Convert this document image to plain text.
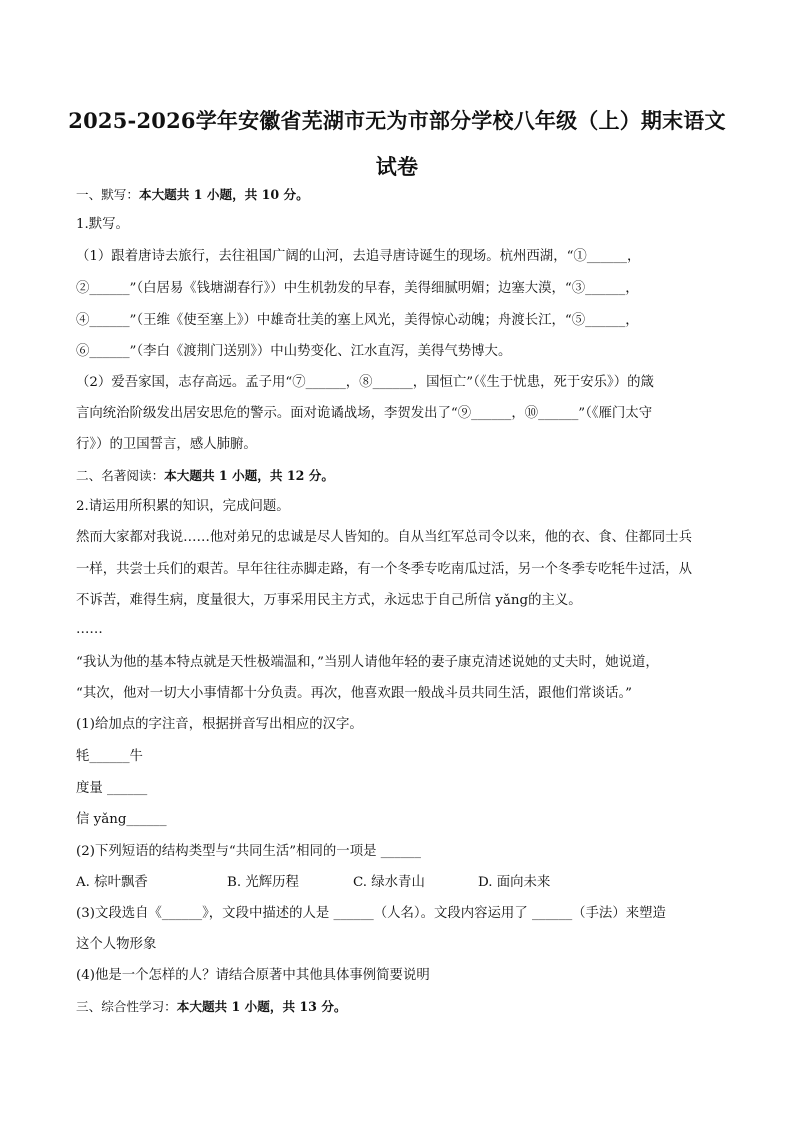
2025-2026学年安徽省芜湖市无为市部分学校八年级（上）期末语文
试卷
一、默写：本大题共 1 小题，共 10 分。
1.默写。
（1）跟着唐诗去旅行，去往祖国广阔的山河，去追寻唐诗诞生的现场。杭州西湖，“①______，
②______”（白居易《钱塘湖春行》）中生机勃发的早春，美得细腻明媚；边塞大漠，“③______，
④______”（王维《使至塞上》）中雄奇壮美的塞上风光，美得惊心动魄；舟渡长江，“⑤______，
⑥______”（李白《渡荆门送别》）中山势变化、江水直泻，美得气势博大。
（2）爱吾家国，志存高远。孟子用“⑦______，⑧______，国恒亡”（《生于忧患，死于安乐》）的箴
言向统治阶级发出居安思危的警示。面对诡谲战场，李贺发出了“⑨______，⑩______”（《雁门太守
行》）的卫国誓言，感人肺腑。
二、名著阅读：本大题共 1 小题，共 12 分。
2.请运用所积累的知识，完成问题。
然而大家都对我说……他对弟兄的忠诚是尽人皆知的。自从当红军总司令以来，他的衣、食、住都同士兵
一样，共尝士兵们的艰苦。早年往往赤脚走路，有一个冬季专吃南瓜过活，另一个冬季专吃牦牛过活，从
不诉苦，难得生病，度量很大，万事采用民主方式，永远忠于自己所信 yǎng的主义。
……
“我认为他的基本特点就是天性极端温和，”当别人请他年轻的妻子康克清述说她的丈夫时，她说道，
“其次，他对一切大小事情都十分负责。再次，他喜欢跟一般战斗员共同生活，跟他们常谈话。”
(1)给加点的字注音，根据拼音写出相应的汉字。
牦______牛
度量 ______
信 yǎng______
(2)下列短语的结构类型与“共同生活”相同的一项是 ______
A. 棕叶飘香	B. 光辉历程	C. 绿水青山	D. 面向未来
(3)文段选自《______》，文段中描述的人是 ______（人名）。文段内容运用了 ______（手法）来塑造
这个人物形象
(4)他是一个怎样的人？请结合原著中其他具体事例简要说明
三、综合性学习：本大题共 1 小题，共 13 分。
